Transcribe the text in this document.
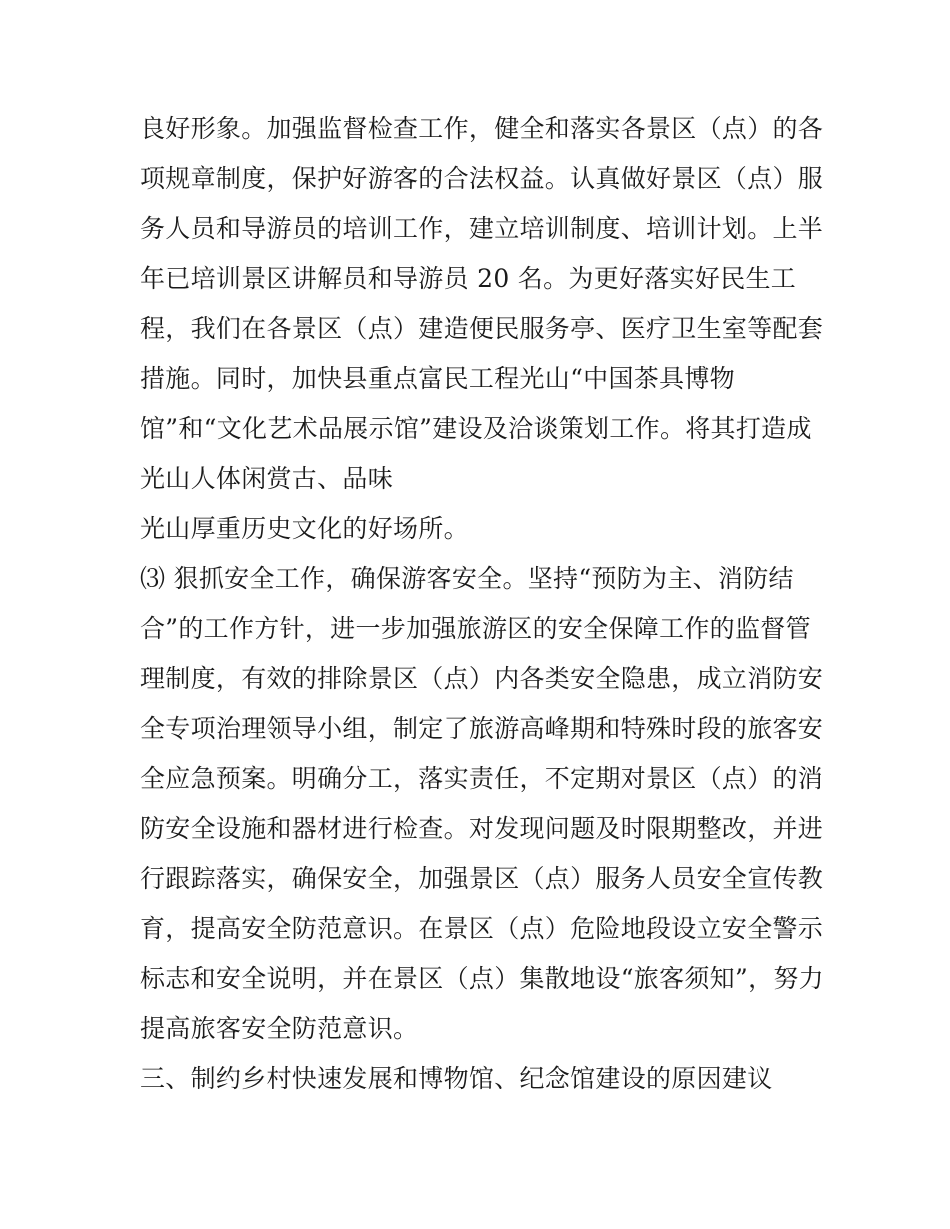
良好形象。加强监督检查工作，健全和落实各景区（点）的各
项规章制度，保护好游客的合法权益。认真做好景区（点）服
务人员和导游员的培训工作，建立培训制度、培训计划。上半
年已培训景区讲解员和导游员 20 名。为更好落实好民生工
程，我们在各景区（点）建造便民服务亭、医疗卫生室等配套
措施。同时，加快县重点富民工程光山“中国茶具博物
馆”和“文化艺术品展示馆”建设及洽谈策划工作。将其打造成
光山人体闲赏古、品味
光山厚重历史文化的好场所。
⑶ 狠抓安全工作，确保游客安全。坚持“预防为主、消防结
合”的工作方针，进一步加强旅游区的安全保障工作的监督管
理制度，有效的排除景区（点）内各类安全隐患，成立消防安
全专项治理领导小组，制定了旅游高峰期和特殊时段的旅客安
全应急预案。明确分工，落实责任，不定期对景区（点）的消
防安全设施和器材进行检查。对发现问题及时限期整改，并进
行跟踪落实，确保安全，加强景区（点）服务人员安全宣传教
育，提高安全防范意识。在景区（点）危险地段设立安全警示
标志和安全说明，并在景区（点）集散地设“旅客须知”，努力
提高旅客安全防范意识。
三、制约乡村快速发展和博物馆、纪念馆建设的原因建议
